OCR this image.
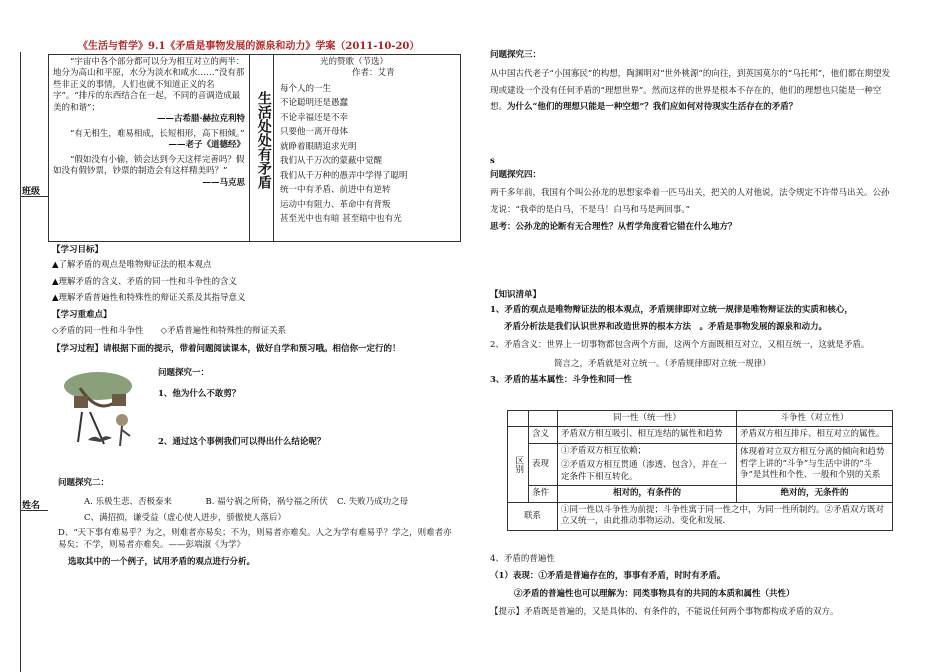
《生活与哲学》9.1《矛盾是事物发展的源泉和动力》学案（2011-10-20）
班级
姓名

“宇宙中各个部分都可以分为相互对立的两半：地分为高山和平原，水分为淡水和咸水……“没有那些非正义的事情，人们也就不知道正义的名字”。“排斥的东西结合在一起，不同的音调造成最美的和谐”；

——古希腊·赫拉克利特

“有无相生，难易相成，长短相形，高下相倾。”

——老子《道德经》

“假如没有小偷，锁会达到今天这样完善吗？假如没有假钞票，钞票的制造会有这样精美吗？”

——马克思 生活处处有矛盾

光的赞歌（节选）

作者：艾青

每个人的一生

不论聪明还是愚蠢

不论幸福还是不幸

只要他一离开母体

就睁着眼睛追求光明

我们从千万次的蒙蔽中觉醒

我们从千万种的愚弄中学得了聪明

统一中有矛盾、前进中有逆转

运动中有阻力、革命中有背叛

甚至光中也有暗 甚至暗中也有光

【学习目标】

▲了解矛盾的观点是唯物辩证法的根本观点

▲理解矛盾的含义、矛盾的同一性和斗争性的含义

▲理解矛盾普遍性和特殊性的辩证关系及其指导意义

【学习重难点】

◇矛盾的同一性和斗争性　　◇矛盾普遍性和特殊性的辩证关系

【学习过程】请根据下面的提示，带着问题阅读课本，做好自学和预习哦。相信你一定行的！

问题探究一：

1、他为什么不敢剪？

2、通过这个事例我们可以得出什么结论呢？

问题探究二：

A. 乐极生悲、否极泰来	B. 福兮祸之所倚，祸兮福之所伏 C. 失败乃成功之母

C、满招损，谦受益（虚心使人进步，骄傲使人落后）

D、“天下事有难易乎？为之，则难者亦易矣；不为，则易者亦难矣。人之为学有难易乎？学之，则难者亦易矣；不学，则易者亦难矣。——彭端淑《为学》

选取其中的一个例子，试用矛盾的观点进行分析。

问题探究三：

从中国古代老子“小国寡民”的构想，陶渊明对“世外桃源”的向往，到英国莫尔的“乌托邦”，他们都在期望发现或建设一个没有任何矛盾的“理想世界”。然而这样的世界是根本不存在的，他们的理想也只能是一种空想。为什么“他们的理想只能是一种空想”？我们应如何对待现实生活存在的矛盾？

s

问题探究四：

两千多年前，我国有个叫公孙龙的思想家牵着一匹马出关，把关的人对他说，法令规定不许带马出关。公孙龙说：“我牵的是白马，不是马！白马和马是两回事。”

思考：公孙龙的论断有无合理性？从哲学角度看它错在什么地方？

【知识清单】

1、矛盾的观点是唯物辩证法的根本观点，矛盾规律即对立统一规律是唯物辩证法的实质和核心，

矛盾分析法是我们认识世界和改造世界的根本方法　。矛盾是事物发展的源泉和动力。

2、矛盾含义：世界上一切事物都包含两个方面，这两个方面既相互对立，又相互统一，这就是矛盾。

简言之，矛盾就是对立统一。（矛盾规律即对立统一规律）

3、矛盾的基本属性：斗争性和同一性

		同一性（统一性）	斗争性（对立性）
区别	含义	矛盾双方相互吸引、相互连结的属性和趋势	矛盾双方相互排斥、相互对立的属性。
	表现	①矛盾双方相互依赖；
②矛盾双方相互贯通（渗透、包含），并在一定条件下相互转化。	体现着对立双方相互分离的倾向和趋势哲学上讲的“斗争”与生活中讲的“斗争”是其性和个性、一般和个别的关系
	条件	相对的，有条件的	绝对的，无条件的
联系		①同一性以斗争性为前提；斗争性寓于同一性之中，为同一性所制约。②矛盾双方既对立又统一，由此推动事物运动、变化和发展.	

4、矛盾的普遍性

（1）表现：①矛盾是普遍存在的，事事有矛盾，时时有矛盾。

②矛盾的普遍性也可以理解为：同类事物具有的共同的本质和属性（共性）

【提示】矛盾既是普遍的，又是具体的、有条件的，不能说任何两个事物都构成矛盾的双方。
